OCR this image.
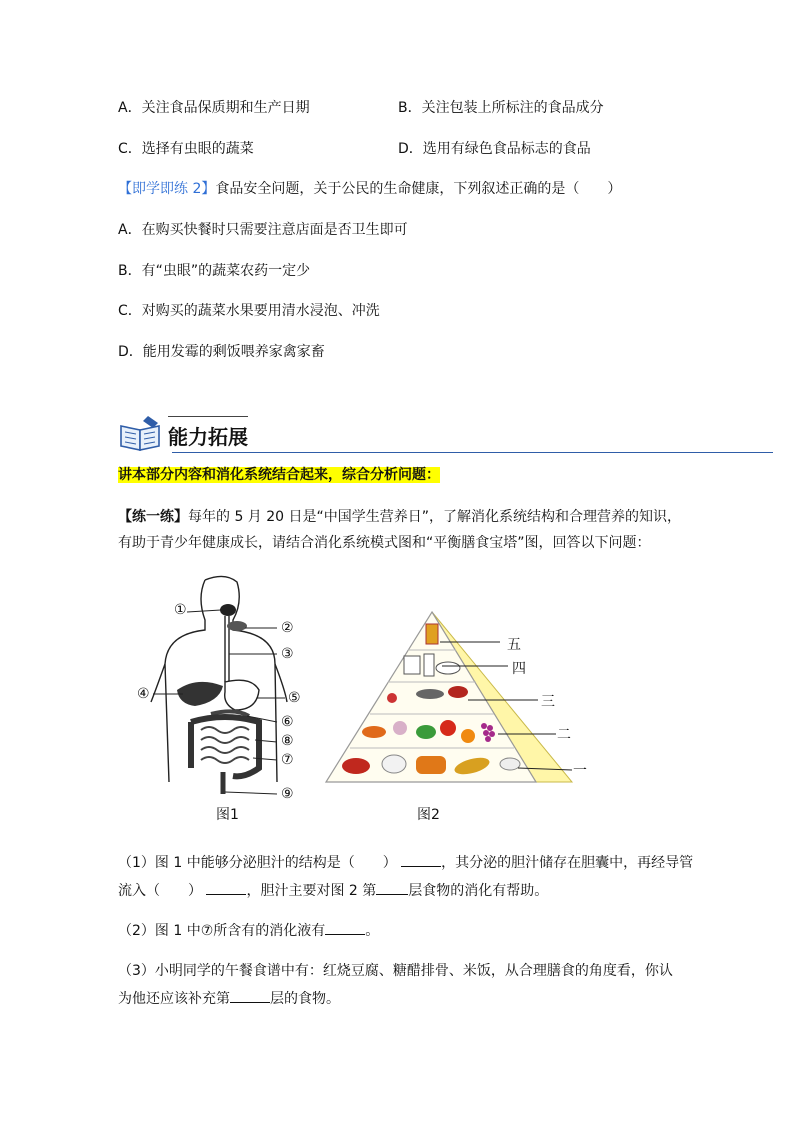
A．关注食品保质期和生产日期	B．关注包装上所标注的食品成分
C．选择有虫眼的蔬菜	D．选用有绿色食品标志的食品
【即学即练 2】食品安全问题，关于公民的生命健康，下列叙述正确的是（　　）
A．在购买快餐时只需要注意店面是否卫生即可
B．有“虫眼”的蔬菜农药一定少
C．对购买的蔬菜水果要用清水浸泡、冲洗
D．能用发霉的剩饭喂养家禽家畜
能力拓展
讲本部分内容和消化系统结合起来，综合分析问题：
【练一练】每年的 5 月 20 日是“中国学生营养日”，了解消化系统结构和合理营养的知识，
有助于青少年健康成长，请结合消化系统模式图和“平衡膳食宝塔”图，回答以下问题：
①
②
③
④	⑤
⑥
⑧
⑦
⑨
图1
五
四
三
二
一
图2
（1）图 1 中能够分泌胆汁的结构是（　　）	，其分泌的胆汁储存在胆囊中，再经导管
流入（　　）	，胆汁主要对图 2 第 层食物的消化有帮助。
（2）图 1 中⑦所含有的消化液有	。
（3）小明同学的午餐食谱中有：红烧豆腐、糖醋排骨、米饭，从合理膳食的角度看，你认
为他还应该补充第	层的食物。
